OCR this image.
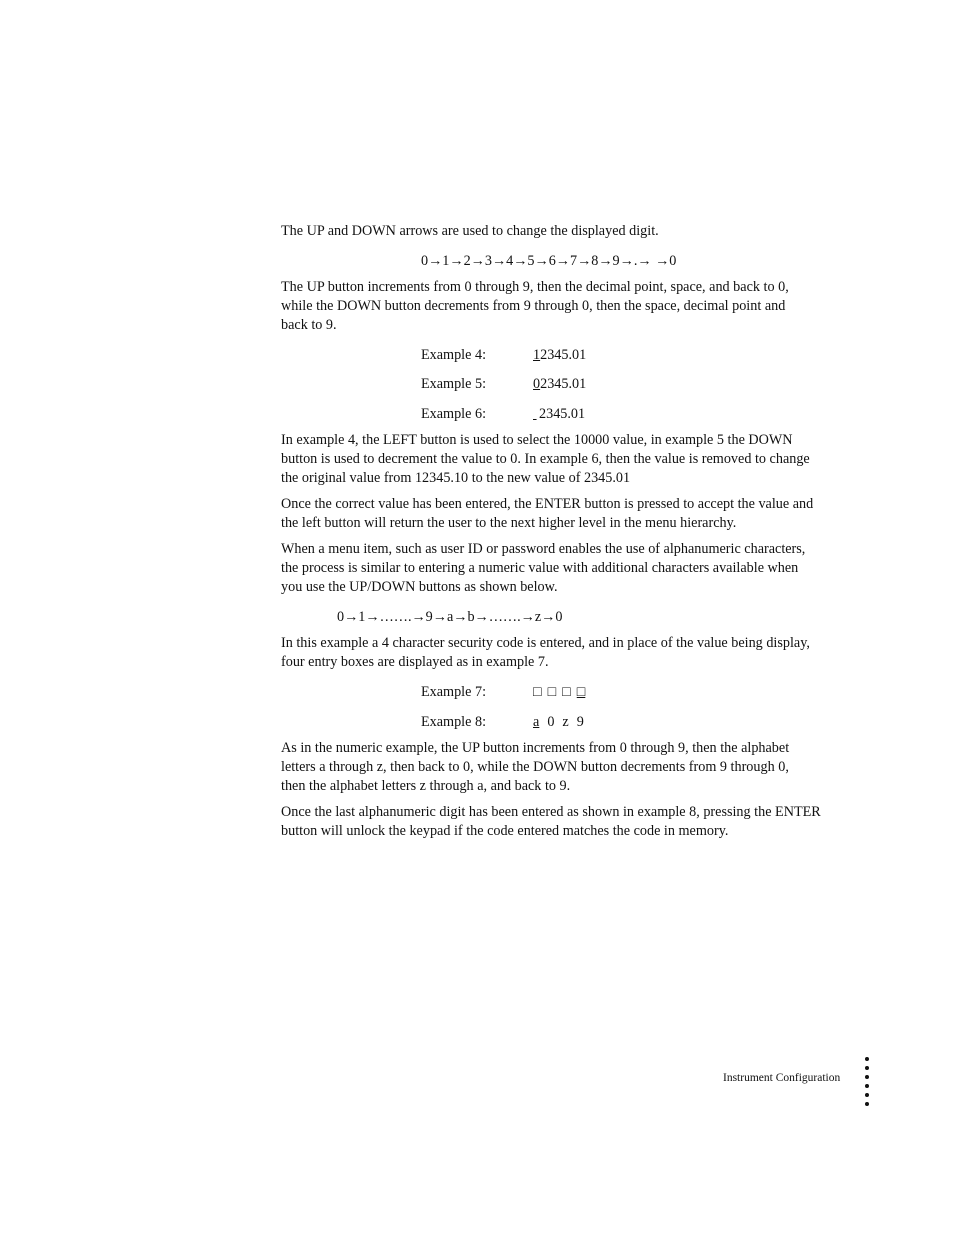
The UP and DOWN arrows are used to change the displayed digit.

0→1→2→3→4→5→6→7→8→9→.→ →0

The UP button increments from 0 through 9, then the decimal point, space, and back to 0, while the DOWN button decrements from 9 through 0, then the space, decimal point and back to 9.

Example 4:	12345.01
Example 5:	02345.01
Example 6:	2345.01

In example 4, the LEFT button is used to select the 10000 value, in example 5 the DOWN button is used to decrement the value to 0. In example 6, then the value is removed to change the original value from 12345.10 to the new value of 2345.01

Once the correct value has been entered, the ENTER button is pressed to accept the value and the left button will return the user to the next higher level in the menu hierarchy.

When a menu item, such as user ID or password enables the use of alphanumeric characters, the process is similar to entering a numeric value with additional characters available when you use the UP/DOWN buttons as shown below.

0→1→…….→9→a→b→…….→z→0

In this example a 4 character security code is entered, and in place of the value being display, four entry boxes are displayed as in example 7.

Example 7:	□ □ □ □
Example 8:	a 0 z 9

As in the numeric example, the UP button increments from 0 through 9, then the alphabet letters a through z, then back to 0, while the DOWN button decrements from 9 through 0, then the alphabet letters z through a, and back to 9.

Once the last alphanumeric digit has been entered as shown in example 8, pressing the ENTER button will unlock the keypad if the code entered matches the code in memory.

Instrument Configuration
